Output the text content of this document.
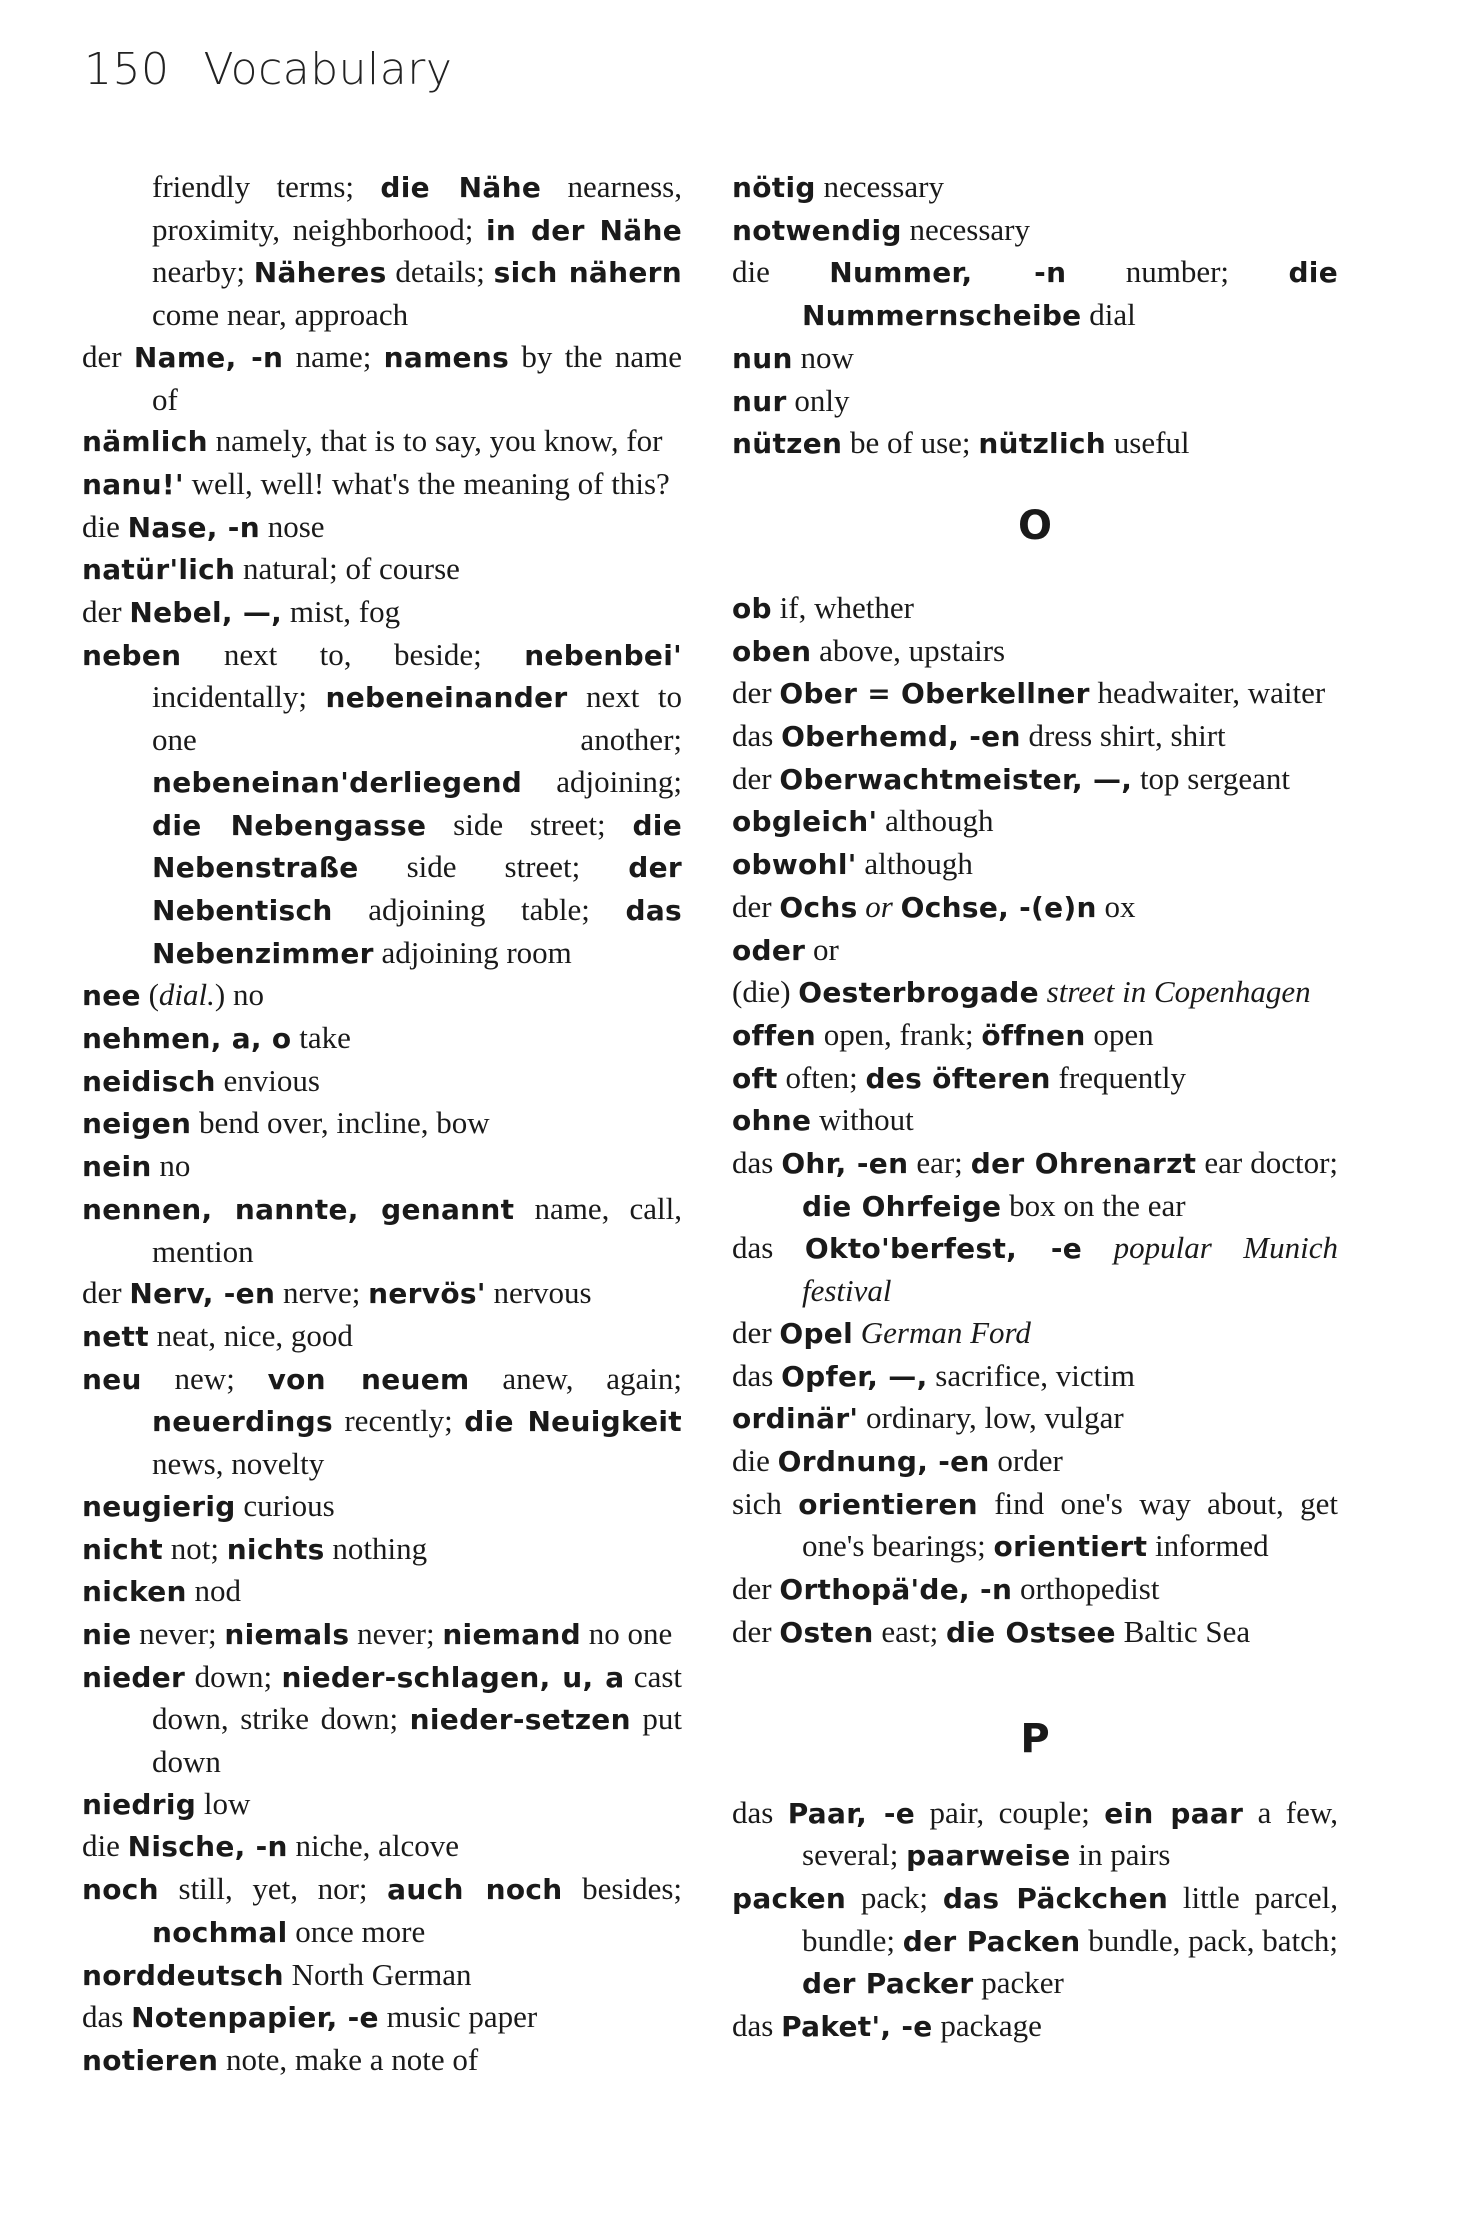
150 Vocabulary
friendly terms; die Nähe nearness, proximity, neighborhood; in der Nähe nearby; Näheres details; sich nähern come near, approach
der Name, -n name; namens by the name of
nämlich namely, that is to say, you know, for
nanu!' well, well! what's the meaning of this?
die Nase, -n nose
natür'lich natural; of course
der Nebel, —, mist, fog
neben next to, beside; nebenbei' incidentally; nebeneinander next to one another; nebeneinan'derliegend adjoining; die Nebengasse side street; die Nebenstraße side street; der Nebentisch adjoining table; das Nebenzimmer adjoining room
nee (dial.) no
nehmen, a, o take
neidisch envious
neigen bend over, incline, bow
nein no
nennen, nannte, genannt name, call, mention
der Nerv, -en nerve; nervös' nervous
nett neat, nice, good
neu new; von neuem anew, again; neuerdings recently; die Neuigkeit news, novelty
neugierig curious
nicht not; nichts nothing
nicken nod
nie never; niemals never; niemand no one
nieder down; nieder-schlagen, u, a cast down, strike down; nieder-setzen put down
niedrig low
die Nische, -n niche, alcove
noch still, yet, nor; auch noch besides; nochmal once more
norddeutsch North German
das Notenpapier, -e music paper
notieren note, make a note of
nötig necessary
notwendig necessary
die Nummer, -n number; die Nummernscheibe dial
nun now
nur only
nützen be of use; nützlich useful
O
ob if, whether
oben above, upstairs
der Ober = Oberkellner headwaiter, waiter
das Oberhemd, -en dress shirt, shirt
der Oberwachtmeister, —, top sergeant
obgleich' although
obwohl' although
der Ochs or Ochse, -(e)n ox
oder or
(die) Oesterbrogade street in Copenhagen
offen open, frank; öffnen open
oft often; des öfteren frequently
ohne without
das Ohr, -en ear; der Ohrenarzt ear doctor; die Ohrfeige box on the ear
das Okto'berfest, -e popular Munich festival
der Opel German Ford
das Opfer, —, sacrifice, victim
ordinär' ordinary, low, vulgar
die Ordnung, -en order
sich orientieren find one's way about, get one's bearings; orientiert informed
der Orthopä'de, -n orthopedist
der Osten east; die Ostsee Baltic Sea
P
das Paar, -e pair, couple; ein paar a few, several; paarweise in pairs
packen pack; das Päckchen little parcel, bundle; der Packen bundle, pack, batch; der Packer packer
das Paket', -e package
